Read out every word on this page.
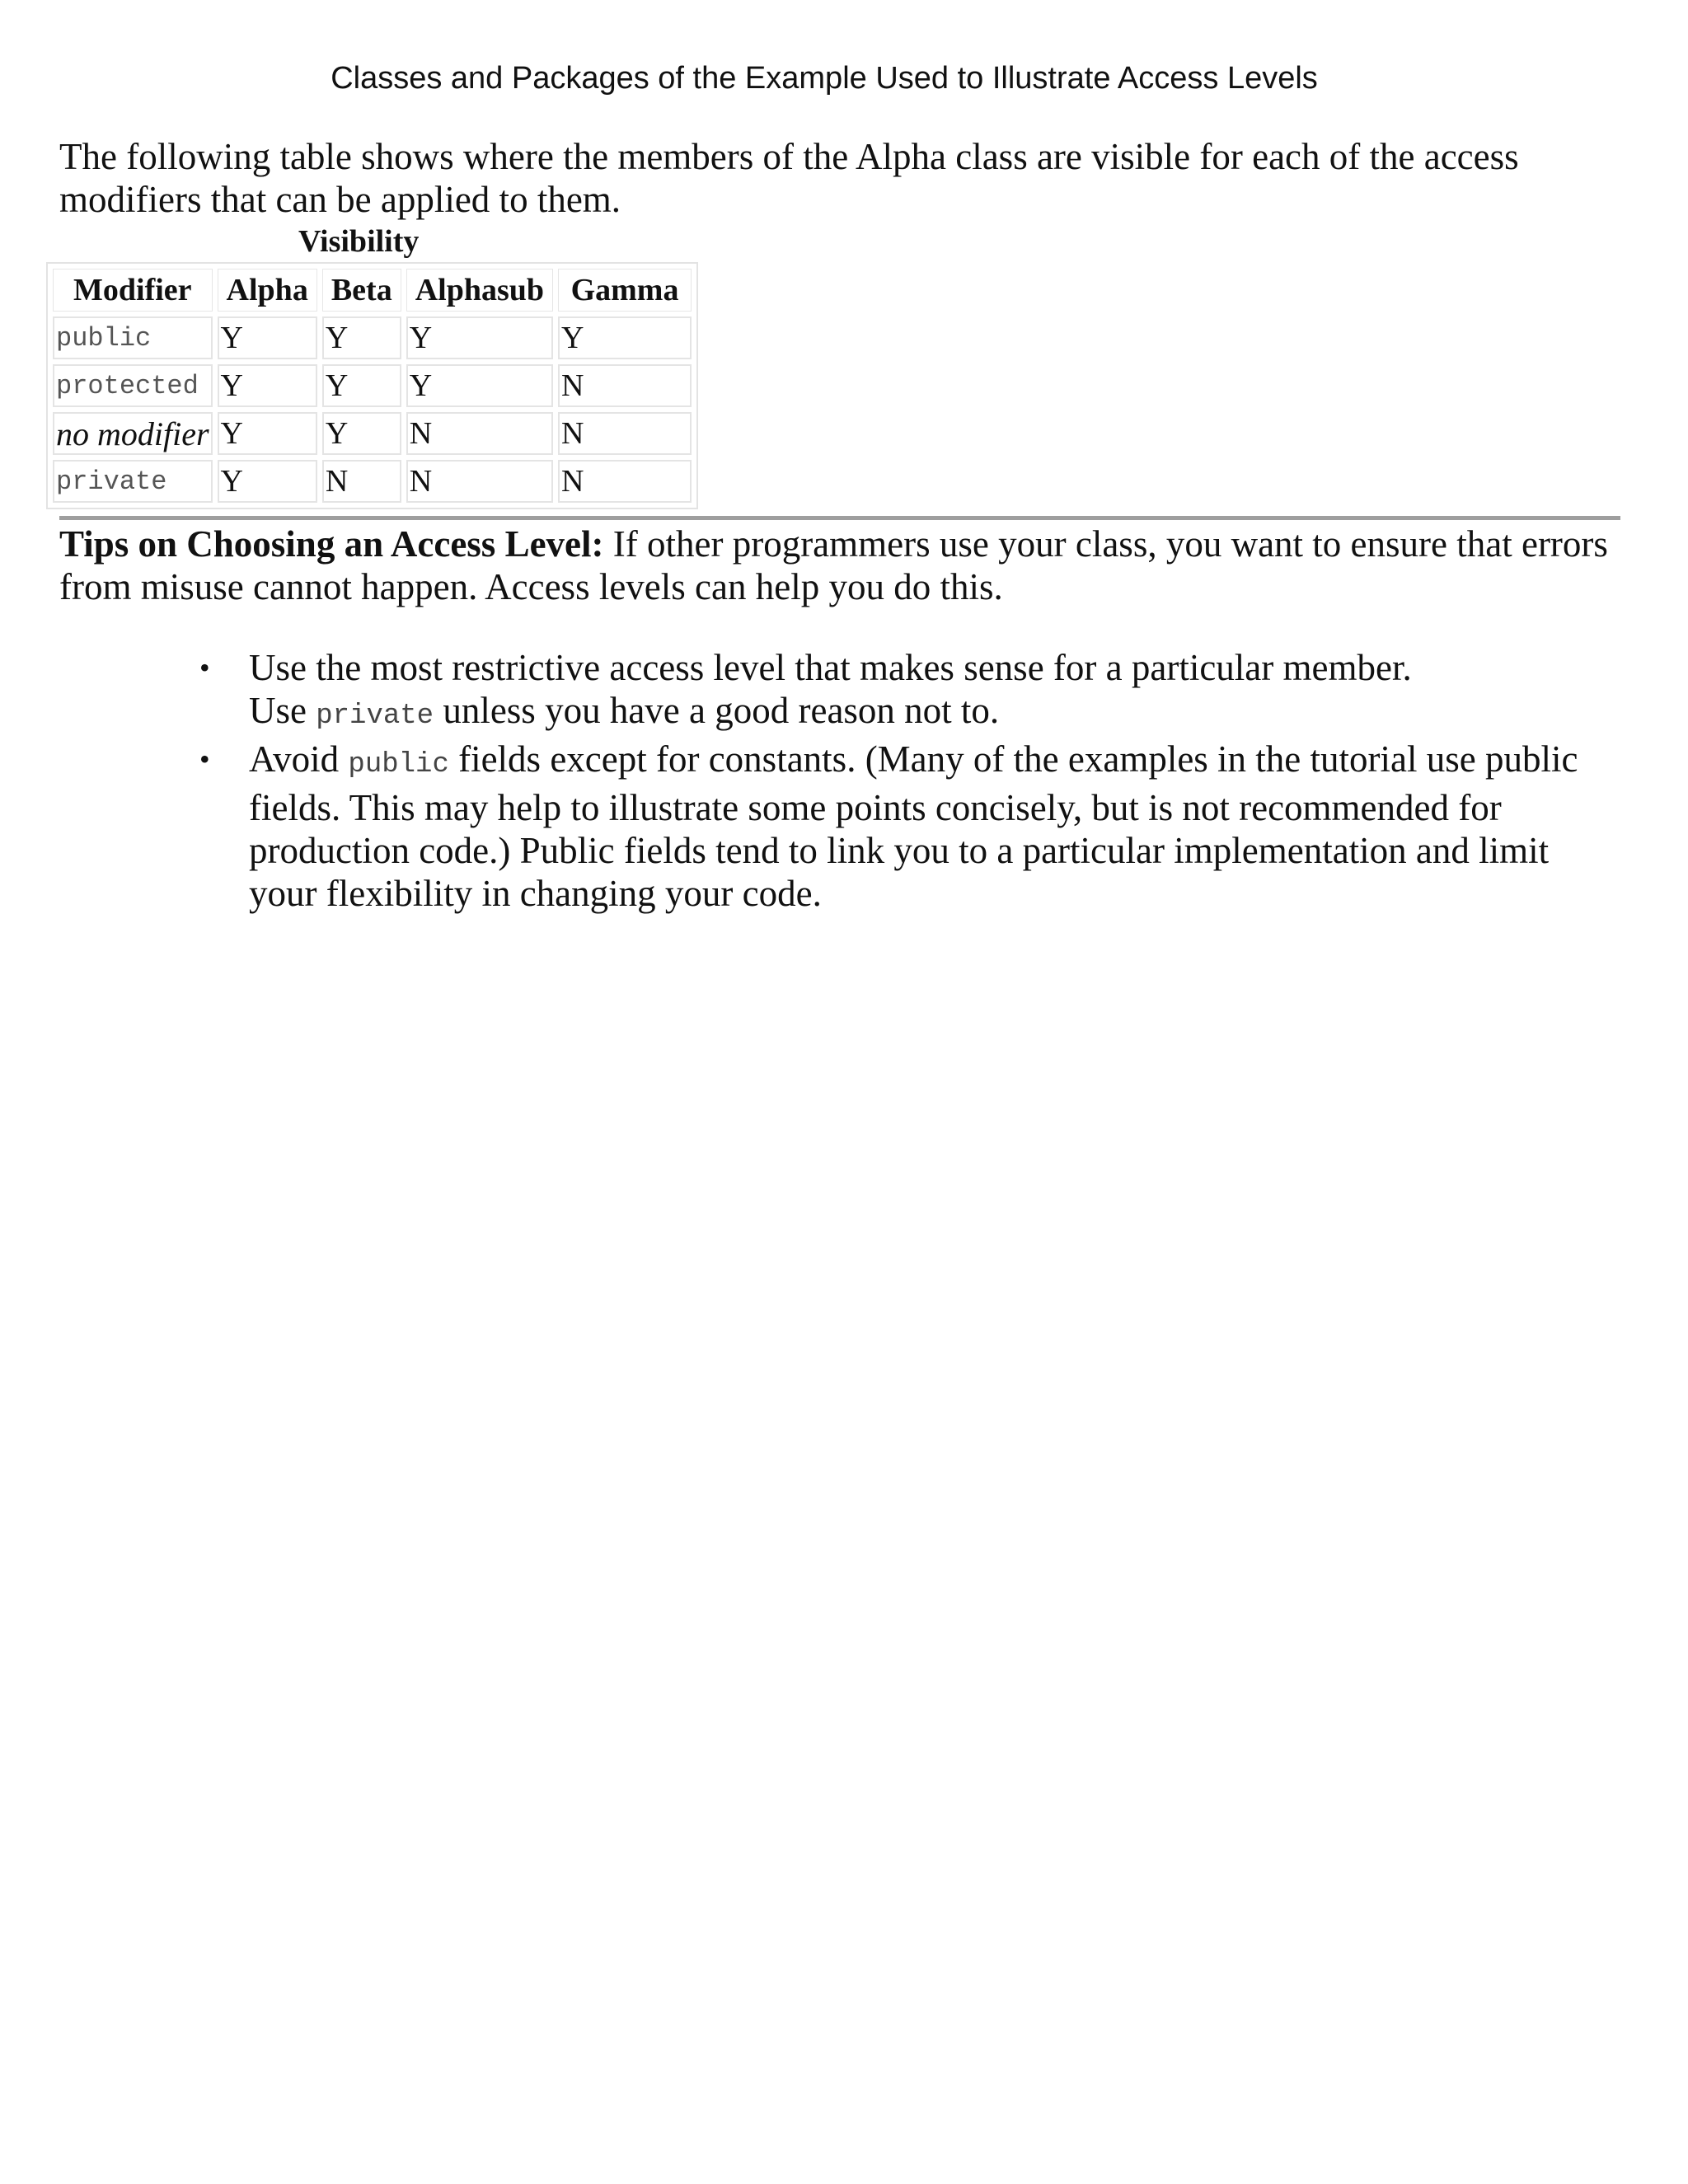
Classes and Packages of the Example Used to Illustrate Access Levels

The following table shows where the members of the Alpha class are visible for each of the access modifiers that can be applied to them.

Visibility
Modifier	Alpha	Beta	Alphasub	Gamma
public	Y	Y	Y	Y
protected	Y	Y	Y	N
no modifier	Y	Y	N	N
private	Y	N	N	N

Tips on Choosing an Access Level: If other programmers use your class, you want to ensure that errors from misuse cannot happen. Access levels can help you do this.

• Use the most restrictive access level that makes sense for a particular member.
Use private unless you have a good reason not to.
• Avoid public fields except for constants. (Many of the examples in the tutorial use public fields. This may help to illustrate some points concisely, but is not recommended for production code.) Public fields tend to link you to a particular implementation and limit your flexibility in changing your code.
